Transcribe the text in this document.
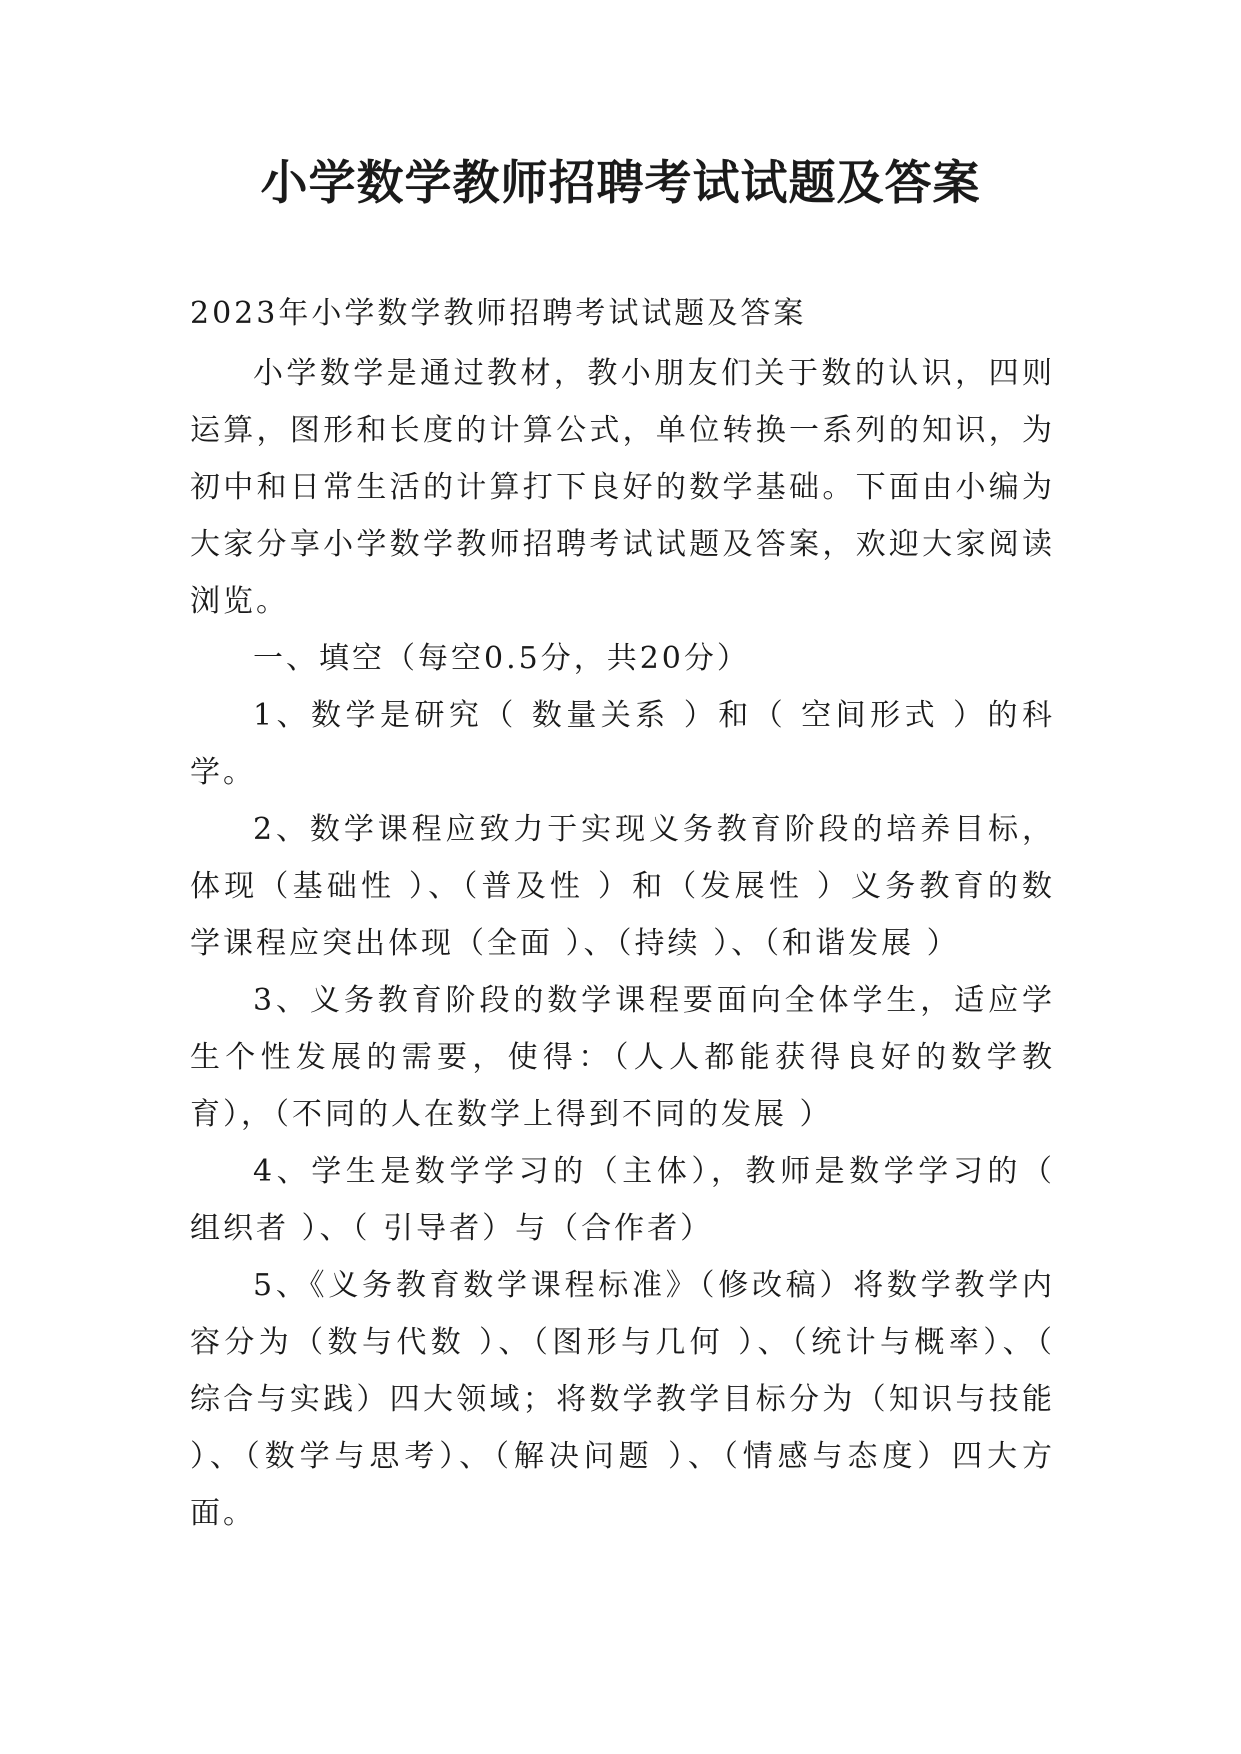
小学数学教师招聘考试试题及答案

2023年小学数学教师招聘考试试题及答案

小学数学是通过教材，教小朋友们关于数的认识，四则运算，图形和长度的计算公式，单位转换一系列的知识，为初中和日常生活的计算打下良好的数学基础。下面由小编为大家分享小学数学教师招聘考试试题及答案，欢迎大家阅读浏览。

一、填空（每空0.5分，共20分）

1、数学是研究（ 数量关系 ）和（ 空间形式 ）的科学。

2、数学课程应致力于实现义务教育阶段的培养目标，体现（基础性 ）、（普及性 ）和（发展性 ）义务教育的数学课程应突出体现（全面 ）、（持续 ）、（和谐发展 ）

3、义务教育阶段的数学课程要面向全体学生，适应学生个性发展的需要，使得：（人人都能获得良好的数学教育），（不同的人在数学上得到不同的发展 ）

4、学生是数学学习的（主体），教师是数学学习的（ 组织者 ）、（ 引导者）与（合作者）

5、《义务教育数学课程标准》（修改稿）将数学教学内容分为（数与代数 ）、（图形与几何 ）、（统计与概率）、（ 综合与实践）四大领域；将数学教学目标分为（知识与技能 ）、（数学与思考）、（解决问题 ）、（情感与态度）四大方面。
